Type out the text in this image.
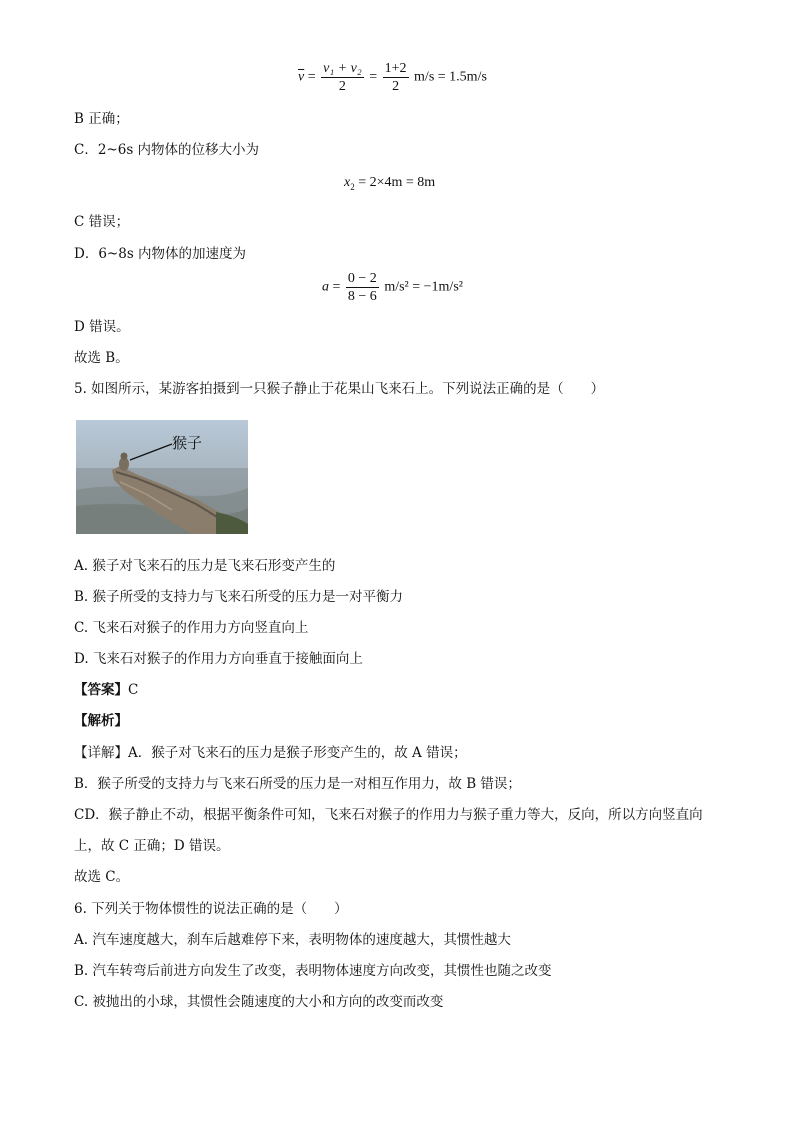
$\overline{v} = \frac{\text{v₁ + v₂}}{2} = \frac{1+2}{2} m/s = 1.5m/s$
B 正确；
C．2~6s 内物体的位移大小为
$x_2 = 2\times 4m = 8m$
C 错误；
D．6~8s 内物体的加速度为
$a = \frac{0 - 2}{8 - 6} m/s^2 = -1m/s^2$
D 错误。
故选 B。
5. 如图所示，某游客拍摄到一只猴子静止于花果山飞来石上。下列说法正确的是（　　）
猴子
A. 猴子对飞来石的压力是飞来石形变产生的
B. 猴子所受的支持力与飞来石所受的压力是一对平衡力
C. 飞来石对猴子的作用力方向竖直向上
D. 飞来石对猴子的作用力方向垂直于接触面向上
【答案】C
【解析】
【详解】A．猴子对飞来石的压力是猴子形变产生的，故 A 错误；
B．猴子所受的支持力与飞来石所受的压力是一对相互作用力，故 B 错误；
CD．猴子静止不动，根据平衡条件可知，飞来石对猴子的作用力与猴子重力等大，反向，所以方向竖直向
上，故 C 正确；D 错误。
故选 C。
6. 下列关于物体惯性的说法正确的是（　　）
A. 汽车速度越大，刹车后越难停下来，表明物体的速度越大，其惯性越大
B. 汽车转弯后前进方向发生了改变，表明物体速度方向改变，其惯性也随之改变
C. 被抛出的小球，其惯性会随速度的大小和方向的改变而改变
